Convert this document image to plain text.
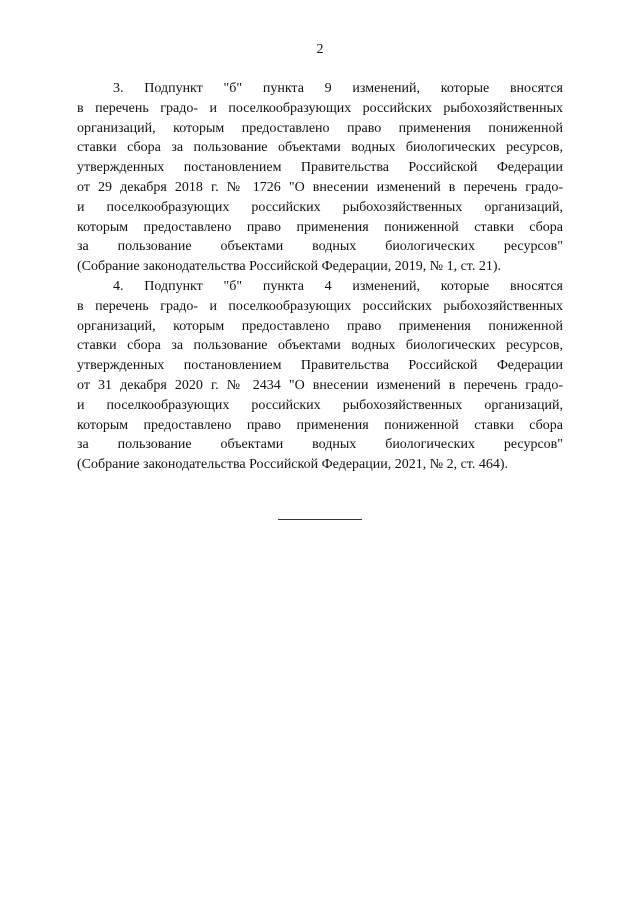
2
3. Подпункт "б" пункта 9 изменений, которые вносятся
в перечень градо- и поселкообразующих российских рыбохозяйственных
организаций, которым предоставлено право применения пониженной
ставки сбора за пользование объектами водных биологических ресурсов,
утвержденных постановлением Правительства Российской Федерации
от 29 декабря 2018 г. № 1726 "О внесении изменений в перечень градо-
и поселкообразующих российских рыбохозяйственных организаций,
которым предоставлено право применения пониженной ставки сбора
за пользование объектами водных биологических ресурсов"
(Собрание законодательства Российской Федерации, 2019, № 1, ст. 21).
4. Подпункт "б" пункта 4 изменений, которые вносятся
в перечень градо- и поселкообразующих российских рыбохозяйственных
организаций, которым предоставлено право применения пониженной
ставки сбора за пользование объектами водных биологических ресурсов,
утвержденных постановлением Правительства Российской Федерации
от 31 декабря 2020 г. № 2434 "О внесении изменений в перечень градо-
и поселкообразующих российских рыбохозяйственных организаций,
которым предоставлено право применения пониженной ставки сбора
за пользование объектами водных биологических ресурсов"
(Собрание законодательства Российской Федерации, 2021, № 2, ст. 464).
